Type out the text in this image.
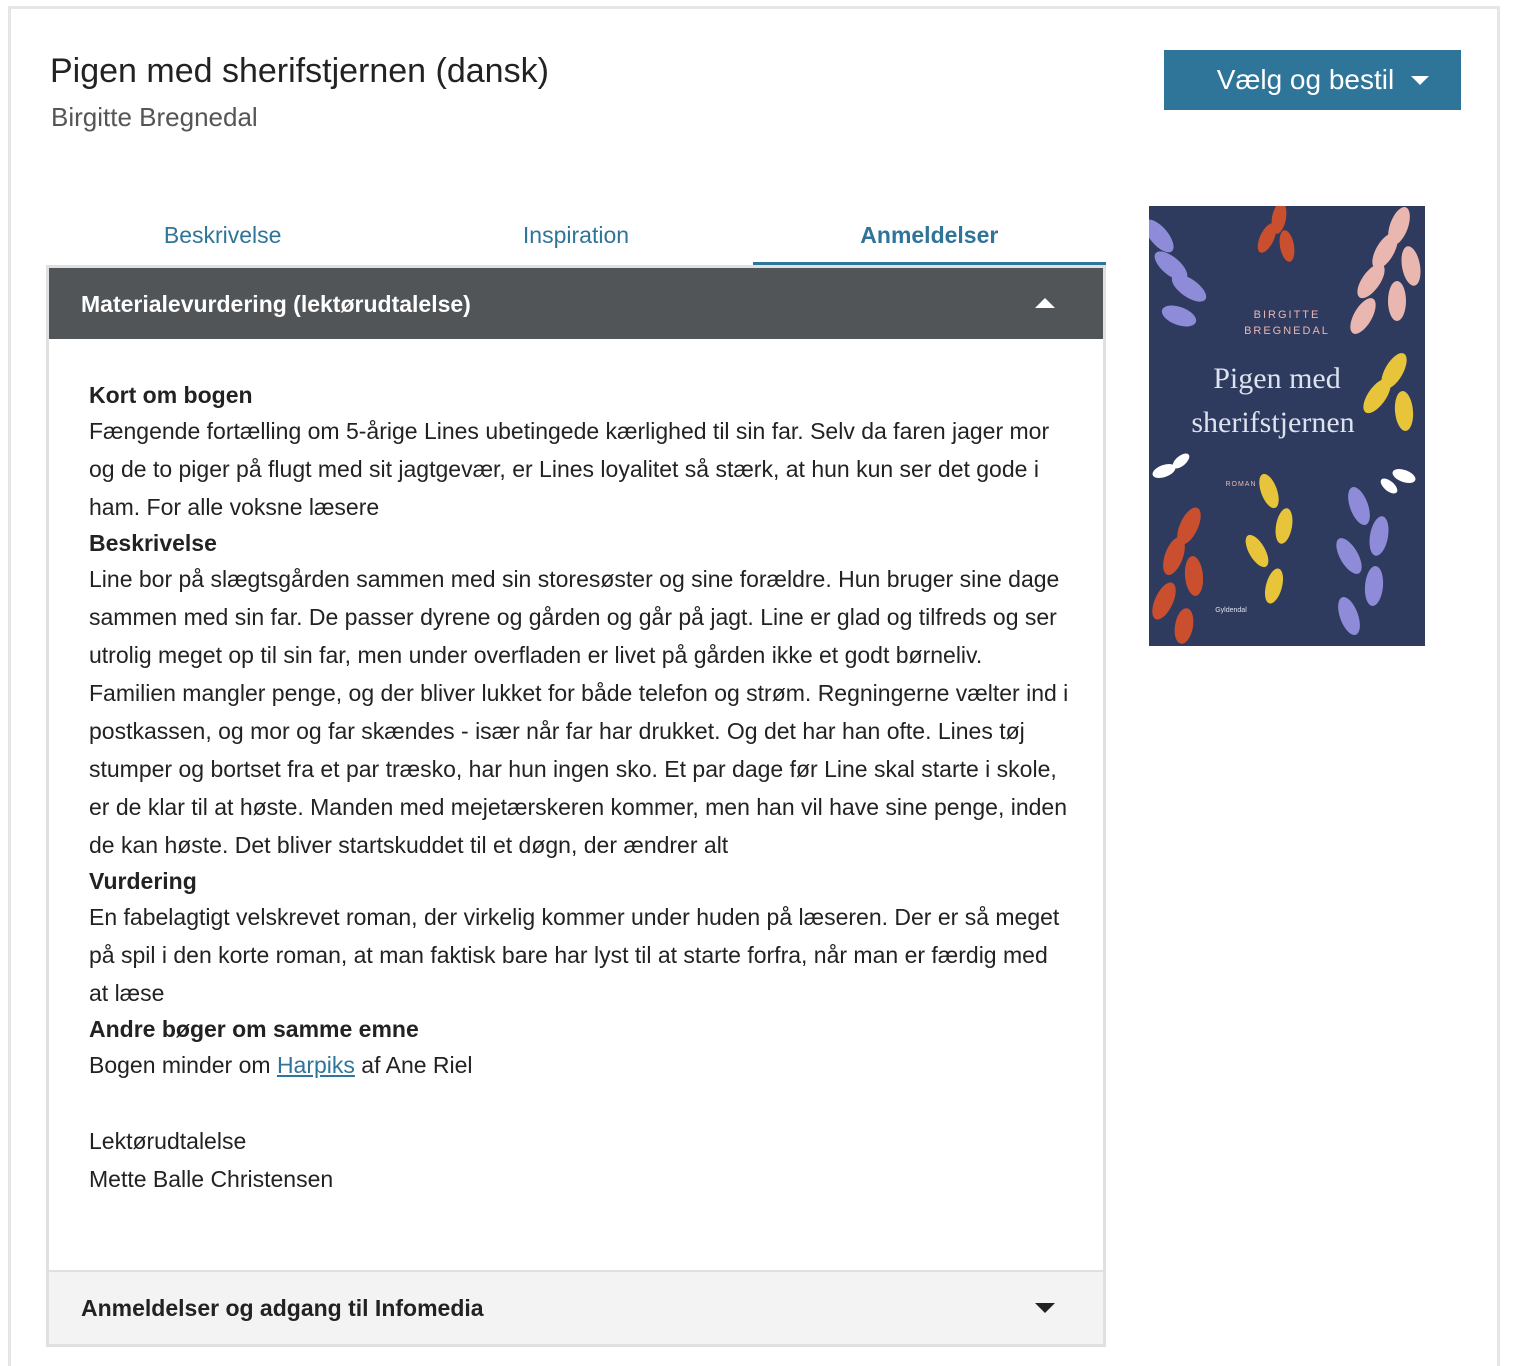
Pigen med sherifstjernen (dansk)
Birgitte Bregnedal
Vælg og bestil
Beskrivelse	Inspiration	Anmeldelser
Materialevurdering (lektørudtalelse)
Kort om bogen

Fængende fortælling om 5-årige Lines ubetingede kærlighed til sin far. Selv da faren jager mor og de to piger på flugt med sit jagtgevær, er Lines loyalitet så stærk, at hun kun ser det gode i ham. For alle voksne læsere

Beskrivelse

Line bor på slægtsgården sammen med sin storesøster og sine forældre. Hun bruger sine dage sammen med sin far. De passer dyrene og gården og går på jagt. Line er glad og tilfreds og ser utrolig meget op til sin far, men under overfladen er livet på gården ikke et godt børneliv. Familien mangler penge, og der bliver lukket for både telefon og strøm. Regningerne vælter ind i postkassen, og mor og far skændes - især når far har drukket. Og det har han ofte. Lines tøj stumper og bortset fra et par træsko, har hun ingen sko. Et par dage før Line skal starte i skole, er de klar til at høste. Manden med mejetærskeren kommer, men han vil have sine penge, inden de kan høste. Det bliver startskuddet til et døgn, der ændrer alt

Vurdering

En fabelagtigt velskrevet roman, der virkelig kommer under huden på læseren. Der er så meget på spil i den korte roman, at man faktisk bare har lyst til at starte forfra, når man er færdig med at læse

Andre bøger om samme emne

Bogen minder om Harpiks af Ane Riel

Lektørudtalelse

Mette Balle Christensen

Anmeldelser og adgang til Infomedia
BIRGITTE
BREGNEDAL
Pigen med
sherifstjernen
ROMAN
Gyldendal
